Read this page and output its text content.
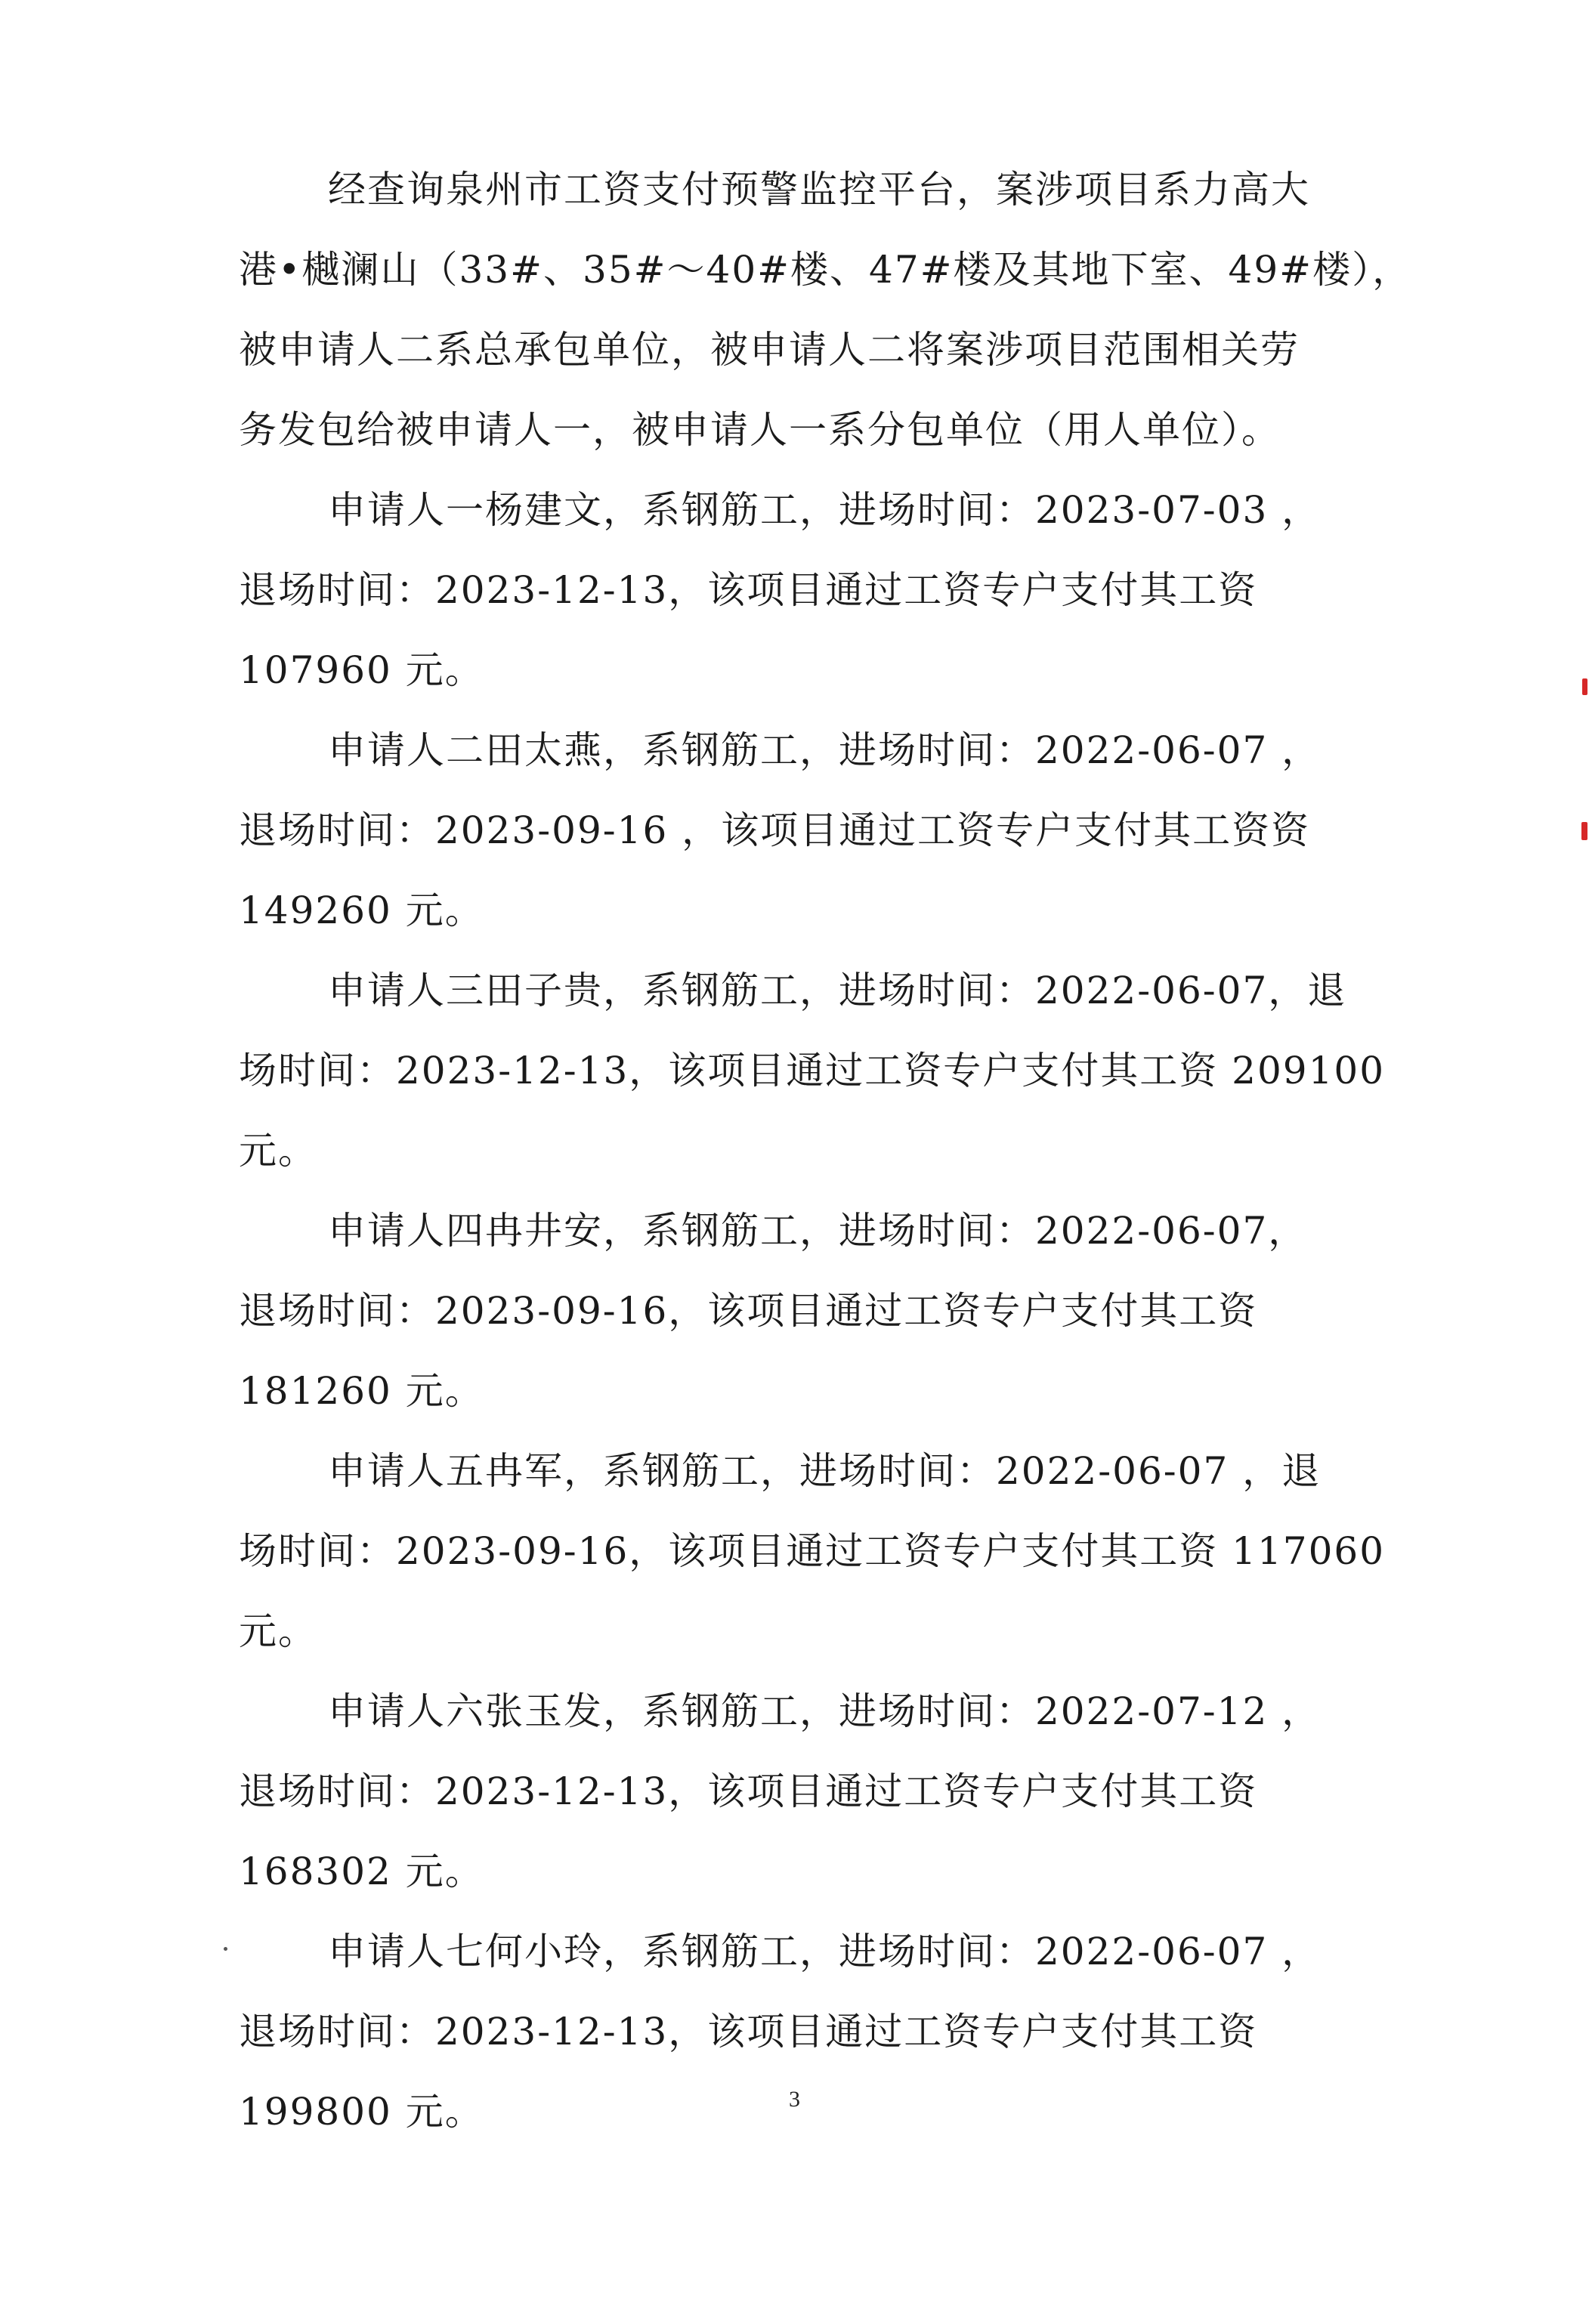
经查询泉州市工资支付预警监控平台，案涉项目系力高大
港•樾澜山（33#、35#～40#楼、47#楼及其地下室、49#楼），
被申请人二系总承包单位，被申请人二将案涉项目范围相关劳
务发包给被申请人一，被申请人一系分包单位（用人单位）。
申请人一杨建文，系钢筋工，进场时间：2023-07-03 ，
退场时间：2023-12-13，该项目通过工资专户支付其工资
107960 元。
申请人二田太燕，系钢筋工，进场时间：2022-06-07 ，
退场时间：2023-09-16 ，该项目通过工资专户支付其工资资
149260 元。
申请人三田子贵，系钢筋工，进场时间：2022-06-07，退
场时间：2023-12-13，该项目通过工资专户支付其工资 209100
元。
申请人四冉井安，系钢筋工，进场时间：2022-06-07，
退场时间：2023-09-16，该项目通过工资专户支付其工资
181260 元。
申请人五冉军，系钢筋工，进场时间：2022-06-07 ，退
场时间：2023-09-16，该项目通过工资专户支付其工资 117060
元。
申请人六张玉发，系钢筋工，进场时间：2022-07-12 ，
退场时间：2023-12-13，该项目通过工资专户支付其工资
168302 元。
申请人七何小玲，系钢筋工，进场时间：2022-06-07 ，
退场时间：2023-12-13，该项目通过工资专户支付其工资
199800 元。	3
